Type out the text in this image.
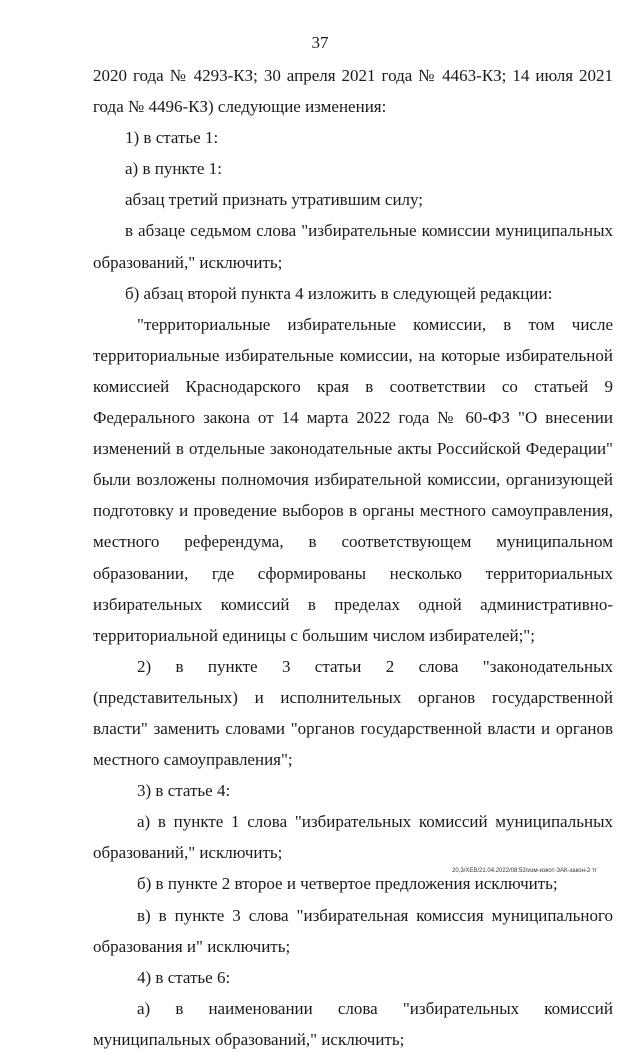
37

2020 года № 4293-КЗ; 30 апреля 2021 года № 4463-КЗ; 14 июля 2021 года № 4496-КЗ) следующие изменения:

1) в статье 1:

а) в пункте 1:

абзац третий признать утратившим силу;

в абзаце седьмом слова "избирательные комиссии муниципальных образований," исключить;

б) абзац второй пункта 4 изложить в следующей редакции:

"территориальные избирательные комиссии, в том числе территориальные избирательные комиссии, на которые избирательной комиссией Краснодарского края в соответствии со статьей 9 Федерального закона от 14 марта 2022 года № 60-ФЗ "О внесении изменений в отдельные законодательные акты Российской Федерации" были возложены полномочия избирательной комиссии, организующей подготовку и проведение выборов в органы местного самоуправления, местного референдума, в соответствующем муниципальном образовании, где сформированы несколько территориальных избирательных комиссий в пределах одной административно-территориальной единицы с большим числом избирателей;";

2) в пункте 3 статьи 2 слова "законодательных (представительных) и исполнительных органов государственной власти" заменить словами "органов государственной власти и органов местного самоуправления";

3) в статье 4:

а) в пункте 1 слова "избирательных комиссий муниципальных образований," исключить;

б) в пункте 2 второе и четвертое предложения исключить;

в) в пункте 3 слова "избирательная комиссия муниципального образования и" исключить;

4) в статье 6:

а) в наименовании слова "избирательных комиссий муниципальных образований," исключить;

20,3/XEB/21.04.2022/08:52/изм-изкот-ЗАК-закон-2 тг
